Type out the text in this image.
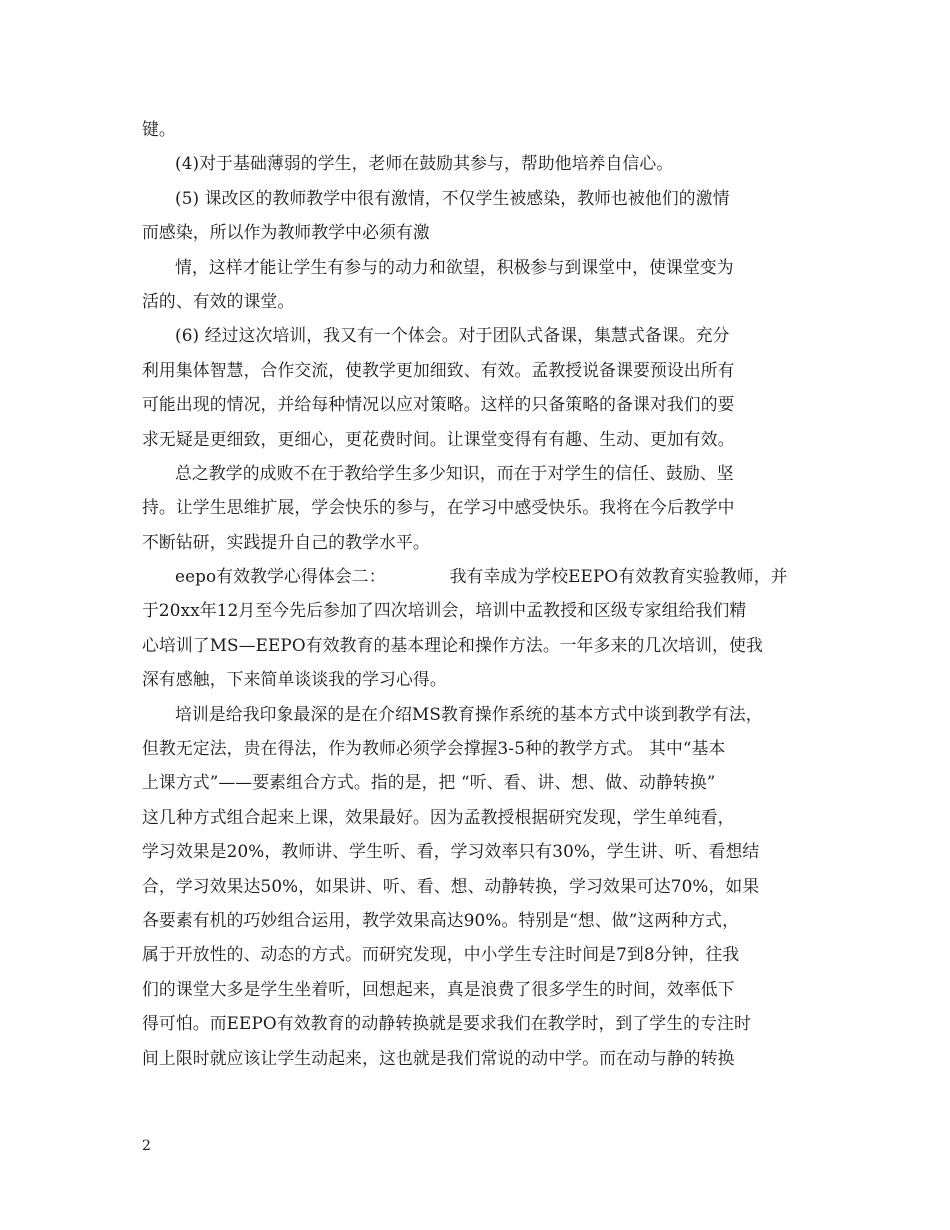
键。
(4)对于基础薄弱的学生，老师在鼓励其参与，帮助他培养自信心。
(5) 课改区的教师教学中很有激情，不仅学生被感染，教师也被他们的激情
而感染，所以作为教师教学中必须有激
情，这样才能让学生有参与的动力和欲望，积极参与到课堂中，使课堂变为
活的、有效的课堂。
(6) 经过这次培训，我又有一个体会。对于团队式备课，集慧式备课。充分
利用集体智慧，合作交流，使教学更加细致、有效。孟教授说备课要预设出所有
可能出现的情况，并给每种情况以应对策略。这样的只备策略的备课对我们的要
求无疑是更细致，更细心，更花费时间。让课堂变得有有趣、生动、更加有效。
总之教学的成败不在于教给学生多少知识，而在于对学生的信任、鼓励、坚
持。让学生思维扩展，学会快乐的参与，在学习中感受快乐。我将在今后教学中
不断钻研，实践提升自己的教学水平。
eepo有效教学心得体会二：	我有幸成为学校EEPO有效教育实验教师，并
于20xx年12月至今先后参加了四次培训会，培训中孟教授和区级专家组给我们精
心培训了MS—EEPO有效教育的基本理论和操作方法。一年多来的几次培训，使我
深有感触，下来简单谈谈我的学习心得。
培训是给我印象最深的是在介绍MS教育操作系统的基本方式中谈到教学有法，
但教无定法，贵在得法，作为教师必须学会撑握3-5种的教学方式。 其中“基本
上课方式”——要素组合方式。指的是，把 “听、看、讲、想、做、动静转换”
这几种方式组合起来上课，效果最好。因为孟教授根据研究发现，学生单纯看，
学习效果是20%，教师讲、学生听、看，学习效率只有30%，学生讲、听、看想结
合，学习效果达50%，如果讲、听、看、想、动静转换，学习效果可达70%，如果
各要素有机的巧妙组合运用，教学效果高达90%。特别是“想、做”这两种方式，
属于开放性的、动态的方式。而研究发现，中小学生专注时间是7到8分钟，往我
们的课堂大多是学生坐着听，回想起来，真是浪费了很多学生的时间，效率低下
得可怕。而EEPO有效教育的动静转换就是要求我们在教学时，到了学生的专注时
间上限时就应该让学生动起来，这也就是我们常说的动中学。而在动与静的转换
2
